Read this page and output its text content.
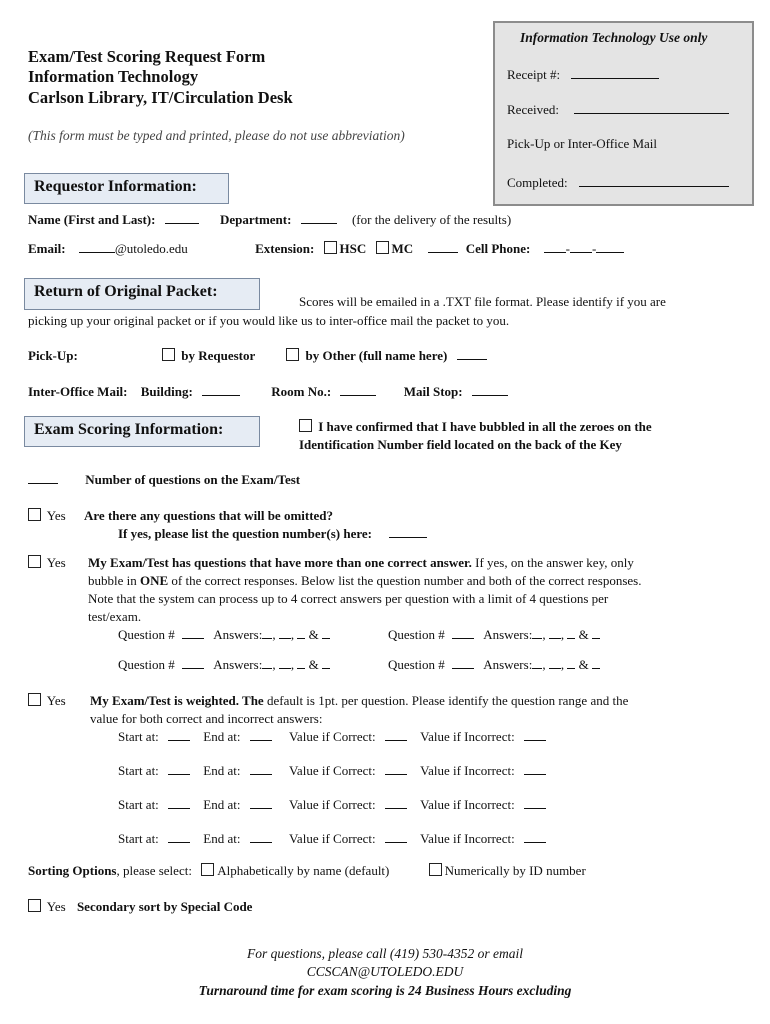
Exam/Test Scoring Request Form
Information Technology
Carlson Library, IT/Circulation Desk
(This form must be typed and printed, please do not use abbreviation)
Information Technology Use only
Receipt #:
Received:
Pick-Up or Inter-Office Mail
Completed:
Requestor Information:
Name (First and Last):	Department:	(for the delivery of the results)
Email:	@utoledo.edu	Extension: HSC MC	Cell Phone:	- -
Return of Original Packet:
Scores will be emailed in a .TXT file format. Please identify if you are
picking up your original packet or if you would like us to inter-office mail the packet to you.
Pick-Up:	by Requestor	by Other (full name here)
Inter-Office Mail: Building:	Room No.:	Mail Stop:
Exam Scoring Information:	I have confirmed that I have bubbled in all the zeroes on the
Identification Number field located on the back of the Key
Number of questions on the Exam/Test
Yes Are there any questions that will be omitted?
If yes, please list the question number(s) here:
Yes My Exam/Test has questions that have more than one correct answer. If yes, on the answer key, only
bubble in ONE of the correct responses. Below list the question number and both of the correct responses.
Note that the system can process up to 4 correct answers per question with a limit of 4 questions per
test/exam.
Question #	Answers: , ,  &	Question #	Answers: , ,  &
Question #	Answers: , ,  &	Question #	Answers: , ,  &
Yes My Exam/Test is weighted. The default is 1pt. per question. Please identify the question range and the
value for both correct and incorrect answers:
Start at:	End at:	Value if Correct:	Value if Incorrect:
Start at:	End at:	Value if Correct:	Value if Incorrect:
Start at:	End at:	Value if Correct:	Value if Incorrect:
Start at:	End at:	Value if Correct:	Value if Incorrect:
Sorting Options, please select: Alphabetically by name (default)	Numerically by ID number
Yes Secondary sort by Special Code
For questions, please call (419) 530-4352 or email
CCSCAN@UTOLEDO.EDU
Turnaround time for exam scoring is 24 Business Hours excluding
